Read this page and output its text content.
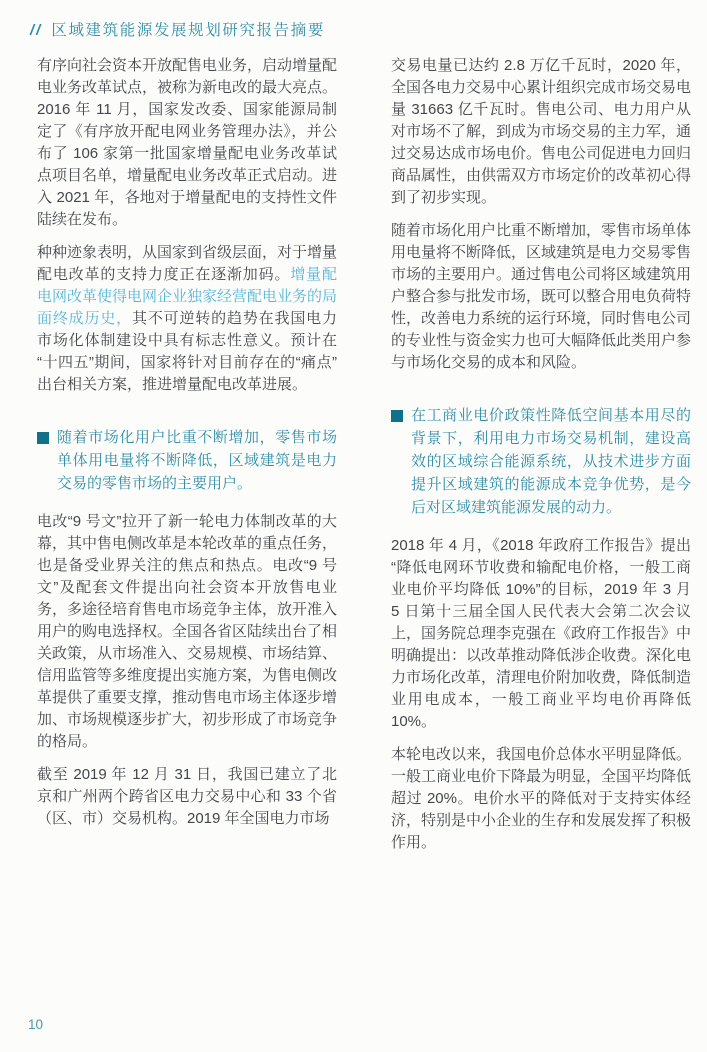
// 区域建筑能源发展规划研究报告摘要

有序向社会资本开放配售电业务，启动增量配电业务改革试点，被称为新电改的最大亮点。2016 年 11 月，国家发改委、国家能源局制定了《有序放开配电网业务管理办法》，并公布了 106 家第一批国家增量配电业务改革试点项目名单，增量配电业务改革正式启动。进入 2021 年，各地对于增量配电的支持性文件陆续在发布。

种种迹象表明，从国家到省级层面，对于增量配电改革的支持力度正在逐渐加码。增量配电网改革使得电网企业独家经营配电业务的局面终成历史，其不可逆转的趋势在我国电力市场化体制建设中具有标志性意义。预计在“十四五”期间，国家将针对目前存在的“痛点”出台相关方案，推进增量配电改革进展。

随着市场化用户比重不断增加，零售市场单体用电量将不断降低，区域建筑是电力交易的零售市场的主要用户。

电改“9 号文”拉开了新一轮电力体制改革的大幕，其中售电侧改革是本轮改革的重点任务，也是备受业界关注的焦点和热点。电改“9 号文”及配套文件提出向社会资本开放售电业务，多途径培育售电市场竞争主体，放开准入用户的购电选择权。全国各省区陆续出台了相关政策，从市场准入、交易规模、市场结算、信用监管等多维度提出实施方案，为售电侧改革提供了重要支撑，推动售电市场主体逐步增加、市场规模逐步扩大，初步形成了市场竞争的格局。

截至 2019 年 12 月 31 日，我国已建立了北京和广州两个跨省区电力交易中心和 33 个省（区、市）交易机构。2019 年全国电力市场

交易电量已达约 2.8 万亿千瓦时，2020 年，全国各电力交易中心累计组织完成市场交易电量 31663 亿千瓦时。售电公司、电力用户从对市场不了解，到成为市场交易的主力军，通过交易达成市场电价。售电公司促进电力回归商品属性，由供需双方市场定价的改革初心得到了初步实现。

随着市场化用户比重不断增加，零售市场单体用电量将不断降低，区域建筑是电力交易零售市场的主要用户。通过售电公司将区域建筑用户整合参与批发市场，既可以整合用电负荷特性，改善电力系统的运行环境，同时售电公司的专业性与资金实力也可大幅降低此类用户参与市场化交易的成本和风险。

在工商业电价政策性降低空间基本用尽的背景下，利用电力市场交易机制，建设高效的区域综合能源系统，从技术进步方面提升区域建筑的能源成本竞争优势，是今后对区域建筑能源发展的动力。

2018 年 4 月，《2018 年政府工作报告》提出“降低电网环节收费和输配电价格，一般工商业电价平均降低 10%”的目标，2019 年 3 月 5 日第十三届全国人民代表大会第二次会议上，国务院总理李克强在《政府工作报告》中明确提出：以改革推动降低涉企收费。深化电力市场化改革，清理电价附加收费，降低制造业用电成本，一般工商业平均电价再降低 10%。

本轮电改以来，我国电价总体水平明显降低。一般工商业电价下降最为明显，全国平均降低超过 20%。电价水平的降低对于支持实体经济，特别是中小企业的生存和发展发挥了积极作用。

10
